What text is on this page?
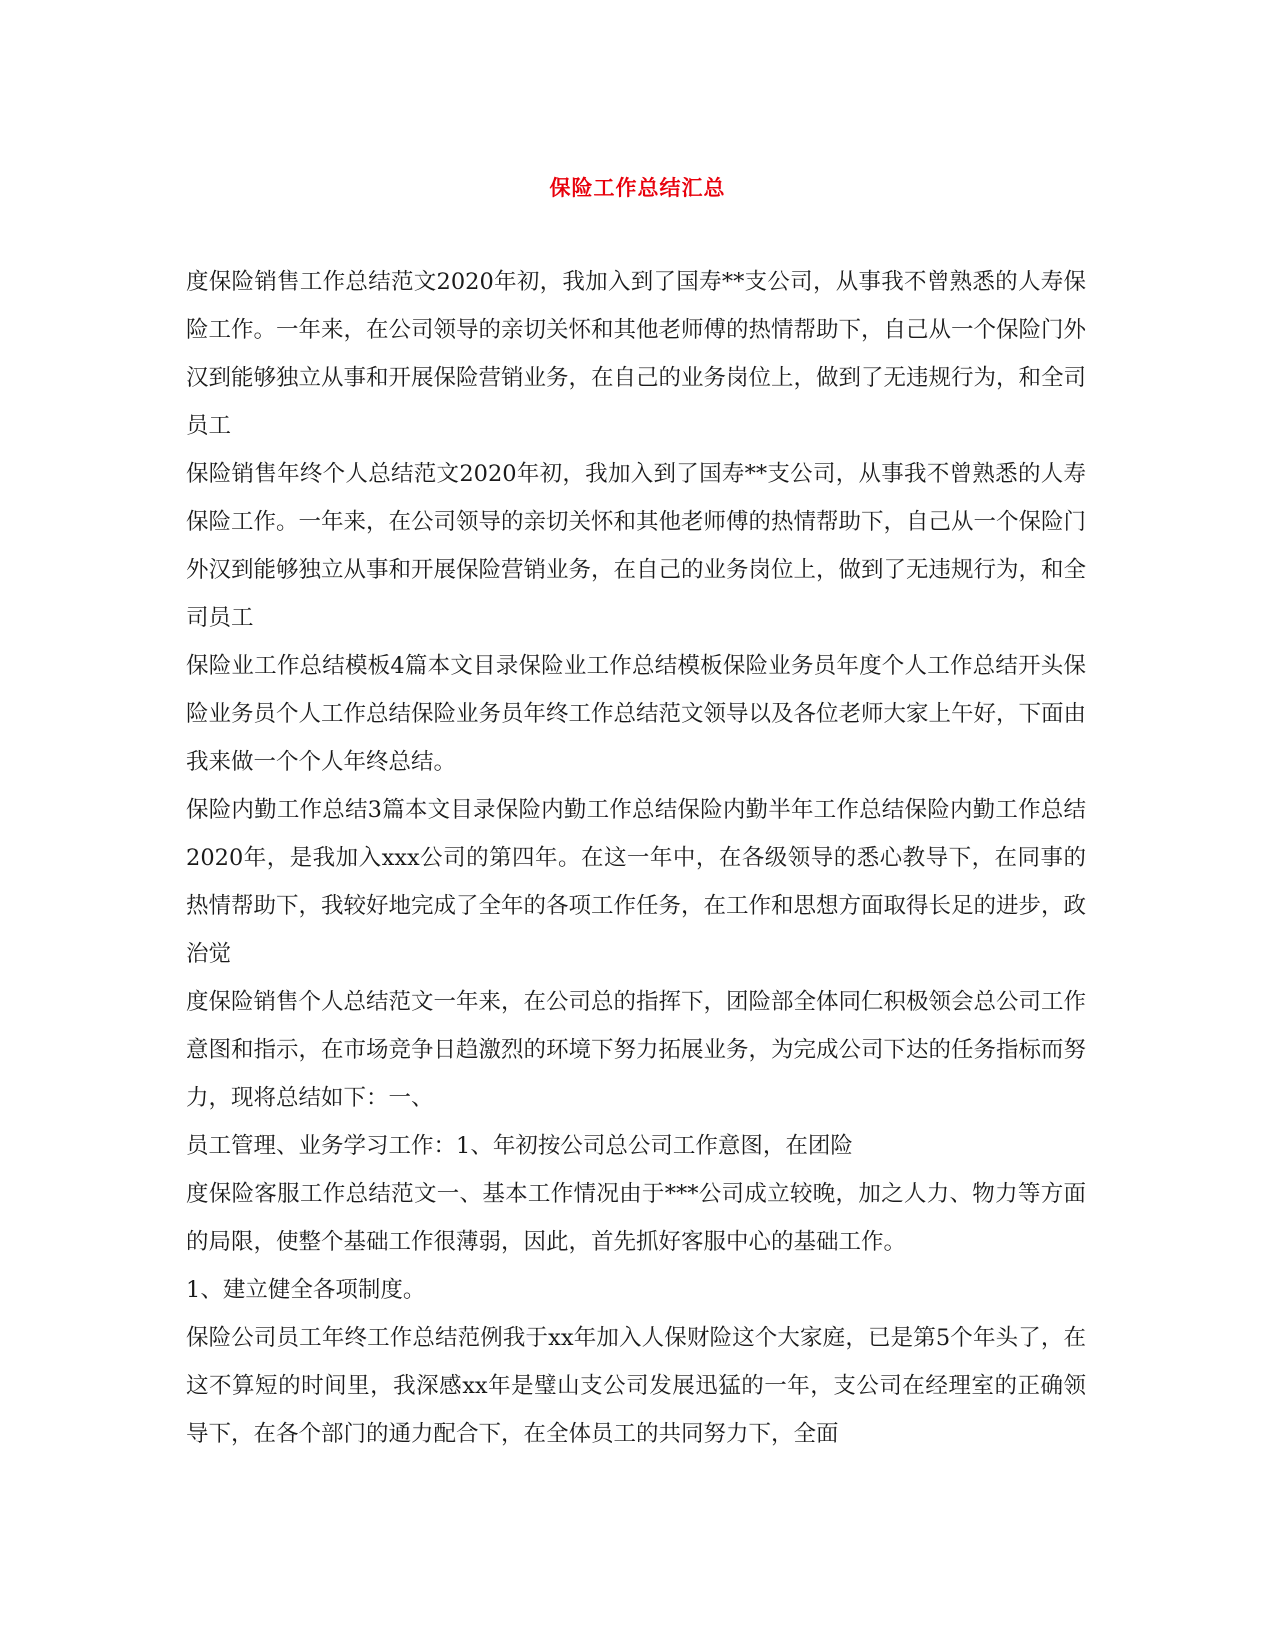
保险工作总结汇总

度保险销售工作总结范文2020年初，我加入到了国寿**支公司，从事我不曾熟悉的人寿保险工作。一年来，在公司领导的亲切关怀和其他老师傅的热情帮助下，自己从一个保险门外汉到能够独立从事和开展保险营销业务，在自己的业务岗位上，做到了无违规行为，和全司员工

保险销售年终个人总结范文2020年初，我加入到了国寿**支公司，从事我不曾熟悉的人寿保险工作。一年来，在公司领导的亲切关怀和其他老师傅的热情帮助下，自己从一个保险门外汉到能够独立从事和开展保险营销业务，在自己的业务岗位上，做到了无违规行为，和全司员工

保险业工作总结模板4篇本文目录保险业工作总结模板保险业务员年度个人工作总结开头保险业务员个人工作总结保险业务员年终工作总结范文领导以及各位老师大家上午好，下面由我来做一个个人年终总结。

保险内勤工作总结3篇本文目录保险内勤工作总结保险内勤半年工作总结保险内勤工作总结2020年，是我加入xxx公司的第四年。在这一年中，在各级领导的悉心教导下，在同事的热情帮助下，我较好地完成了全年的各项工作任务，在工作和思想方面取得长足的进步，政治觉

度保险销售个人总结范文一年来，在公司总的指挥下，团险部全体同仁积极领会总公司工作意图和指示，在市场竞争日趋激烈的环境下努力拓展业务，为完成公司下达的任务指标而努力，现将总结如下：一、

员工管理、业务学习工作：1、年初按公司总公司工作意图，在团险

度保险客服工作总结范文一、基本工作情况由于***公司成立较晚，加之人力、物力等方面的局限，使整个基础工作很薄弱，因此，首先抓好客服中心的基础工作。

1、建立健全各项制度。

保险公司员工年终工作总结范例我于xx年加入人保财险这个大家庭，已是第5个年头了，在这不算短的时间里，我深感xx年是璧山支公司发展迅猛的一年，支公司在经理室的正确领导下，在各个部门的通力配合下，在全体员工的共同努力下，全面
